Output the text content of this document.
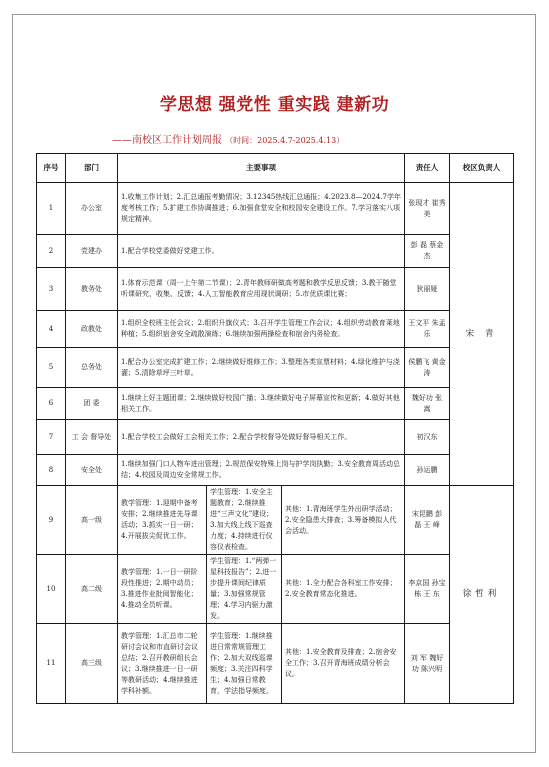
学思想 强党性 重实践 建新功
——南校区工作计划周报 （时间：2025.4.7-2025.4.13）
序号	部门	主要事项			责任人	校区负责人
1	办公室	1.收集工作计划；2.汇总通报考勤情况；3.12345热线汇总通报；4.2023.8—2024.7学年度考核工作；5.扩建工作协调推进；6.加强食堂安全和校园安全建设工作。7.学习落实八项规定精神。			张现才 崔秀美	宋 青
2	党建办	1.配合学校党委做好党建工作。			彭 磊 蔡金杰	
3	教务处	1.体育示范课（周一上午第二节课）；2.青年教师研做高考题和教学反思反馈；3.教干随堂听课研究、收集、反馈；4.人工智能教育应用现状调研；5.市优质课比赛；			狄丽娅	
4	政教处	1.组织全校班主任会议；2.组织升旗仪式；3.召开学生管理工作会议；4.组织劳动教育莱地种植；5.组织宿舍安全疏散演练；6.继续加强两操检查和宿舍内务检查。			王文平 朱孟乐	
5	总务处	1.配合办公室完成扩建工作；2.继续做好维修工作；3.整理各类宣票材料；4.绿化维护与浇灌；5.清除草坪三叶草。			侯鹏飞 黄金涛	
6	团 委	1.继续上好主题团课；2.继续做好校园广播；3.继续做好电子屏幕宣传和更新；4.做好其他相关工作。			魏好功 张 嵩	
7	工 会 督导处	1.配合学校工会做好工会相关工作；2.配合学校督导处做好督导相关工作。			初汉东	
8	安全处	1.继续加强门口人物车进出管理；2.规范保安特殊上岗与护学岗执勤；3.安全教育周活动总结；4.校园及周边安全常规工作。			孙运鹏	
9	高一级	教学管理：1.迎期中备考安排；2.继续推进先导课活动；3.抓实一日一研；4.开展拔尖促优工作。	学生管理：1.安全主题教育；2.继续推进“三声文化”建设；3.加大线上线下巡查力度；4.持续进行仪容仪表检查。	其他：1.青海班学生外出研学活动；2.安全隐患大排查；3.筹备模拟人代会活动。	宋昆鹏 彭 磊 王 峰	徐哲利
10	高二级	教学管理：1.一日一研阶段性推进；2.期中动员；3.推进作业批阅智能化；4.推动全员听课。	学生管理：1.“两弹一星科技报告”；2.进一步提升课间纪律质量；3.加强常规管理；4.学习内驱力激发。	其他：1.全力配合各科室工作安排；2.安全教育常态化推进。	李京国 孙宝栋 王 东	
11	高三级	教学管理：1.汇总市二轮研讨会议和市直研讨会议总结；2.召开教研组长会议；3.继续推进一日一研等教研活动；4.继续推进学科补额。	学生管理：1.继续推进日常常规管理工作；2.加大双线巡课频度；3.关注四科学生；4.加强日常教育，学法指导频度。	其他：1.安全教育及排查；2.宿舍安全工作；3.召开青海班成绩分析会议。	刘 军 魏好功 陈兴明	
